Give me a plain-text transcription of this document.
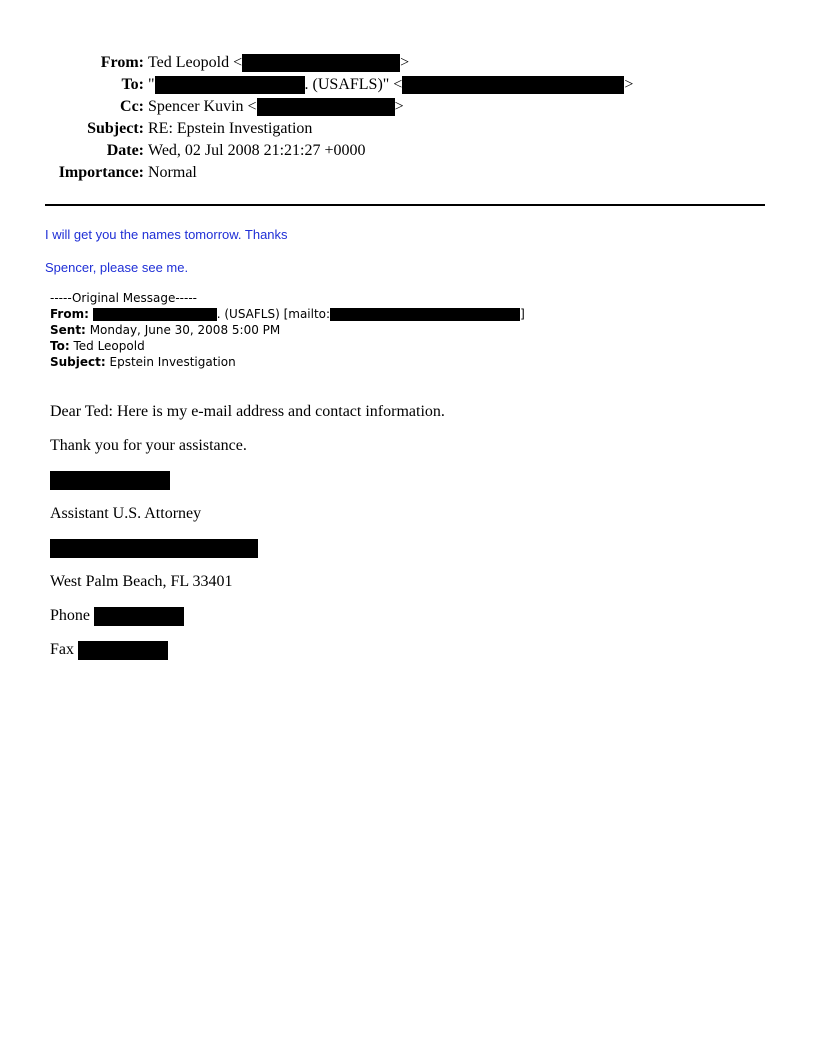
From: Ted Leopold <	>
To: "	. (USAFLS)" <	>
Cc: Spencer Kuvin <	>
Subject: RE: Epstein Investigation
Date: Wed, 02 Jul 2008 21:21:27 +0000
Importance: Normal
I will get you the names tomorrow. Thanks
Spencer, please see me.
-----Original Message-----
From:	. (USAFLS) [mailto:	]
Sent: Monday, June 30, 2008 5:00 PM
To: Ted Leopold
Subject: Epstein Investigation
Dear Ted: Here is my e-mail address and contact information.
Thank you for your assistance.
Assistant U.S. Attorney
West Palm Beach, FL 33401
Phone
Fax
